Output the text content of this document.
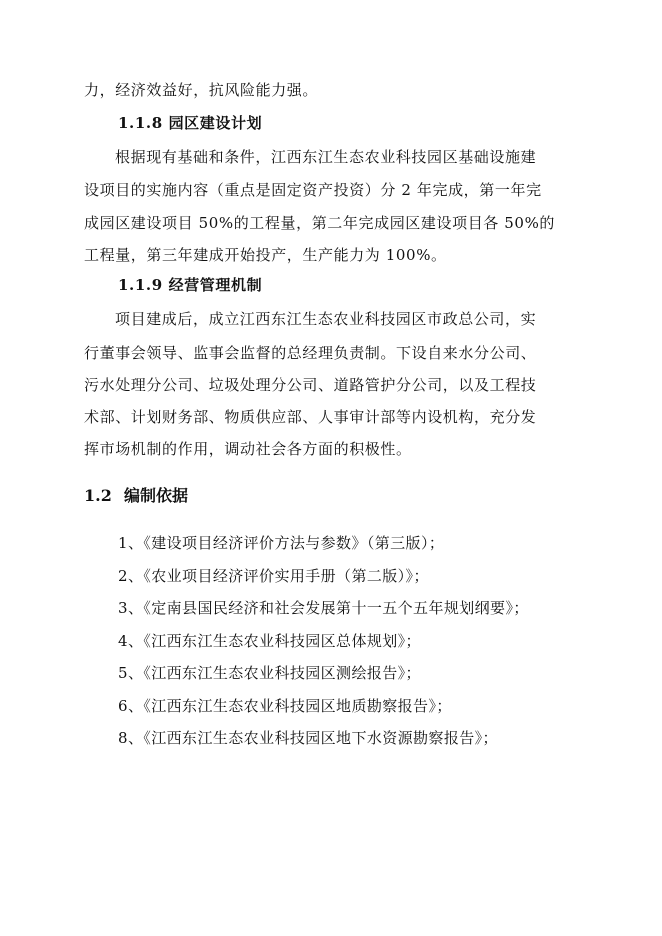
力，经济效益好，抗风险能力强。
1.1.8 园区建设计划
根据现有基础和条件，江西东江生态农业科技园区基础设施建
设项目的实施内容（重点是固定资产投资）分 2 年完成，第一年完
成园区建设项目 50%的工程量，第二年完成园区建设项目各 50%的
工程量，第三年建成开始投产，生产能力为 100%。
1.1.9 经营管理机制
项目建成后，成立江西东江生态农业科技园区市政总公司，实
行董事会领导、监事会监督的总经理负责制。下设自来水分公司、
污水处理分公司、垃圾处理分公司、道路管护分公司，以及工程技
术部、计划财务部、物质供应部、人事审计部等内设机构，充分发
挥市场机制的作用，调动社会各方面的积极性。
1.2 编制依据
1、《建设项目经济评价方法与参数》（第三版）；
2、《农业项目经济评价实用手册（第二版）》；
3、《定南县国民经济和社会发展第十一五个五年规划纲要》；
4、《江西东江生态农业科技园区总体规划》；
5、《江西东江生态农业科技园区测绘报告》；
6、《江西东江生态农业科技园区地质勘察报告》；
8、《江西东江生态农业科技园区地下水资源勘察报告》；
